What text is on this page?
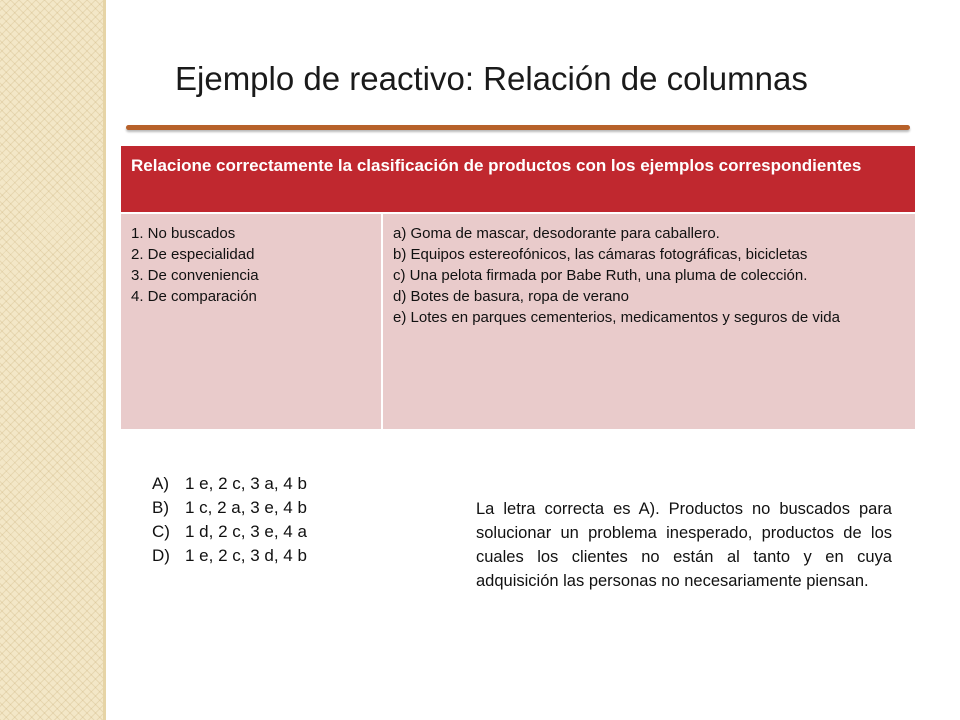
Ejemplo de reactivo: Relación de columnas
Relacione correctamente la clasificación de productos con los ejemplos correspondientes
1. No buscados
2. De especialidad
3. De conveniencia
4. De comparación
a) Goma de mascar, desodorante para caballero.
b) Equipos estereofónicos, las cámaras fotográficas, bicicletas
c) Una pelota firmada por Babe Ruth, una pluma de colección.
d) Botes de basura, ropa de verano
e) Lotes en parques cementerios, medicamentos y seguros de vida
A) 1 e, 2 c, 3 a, 4 b
B) 1 c, 2 a, 3 e, 4 b
C) 1 d, 2 c, 3 e, 4 a
D) 1 e, 2 c, 3 d, 4 b
La letra correcta es A). Productos no buscados para solucionar un problema inesperado, productos de los cuales los clientes no están al tanto y en cuya adquisición las personas no necesariamente piensan.
